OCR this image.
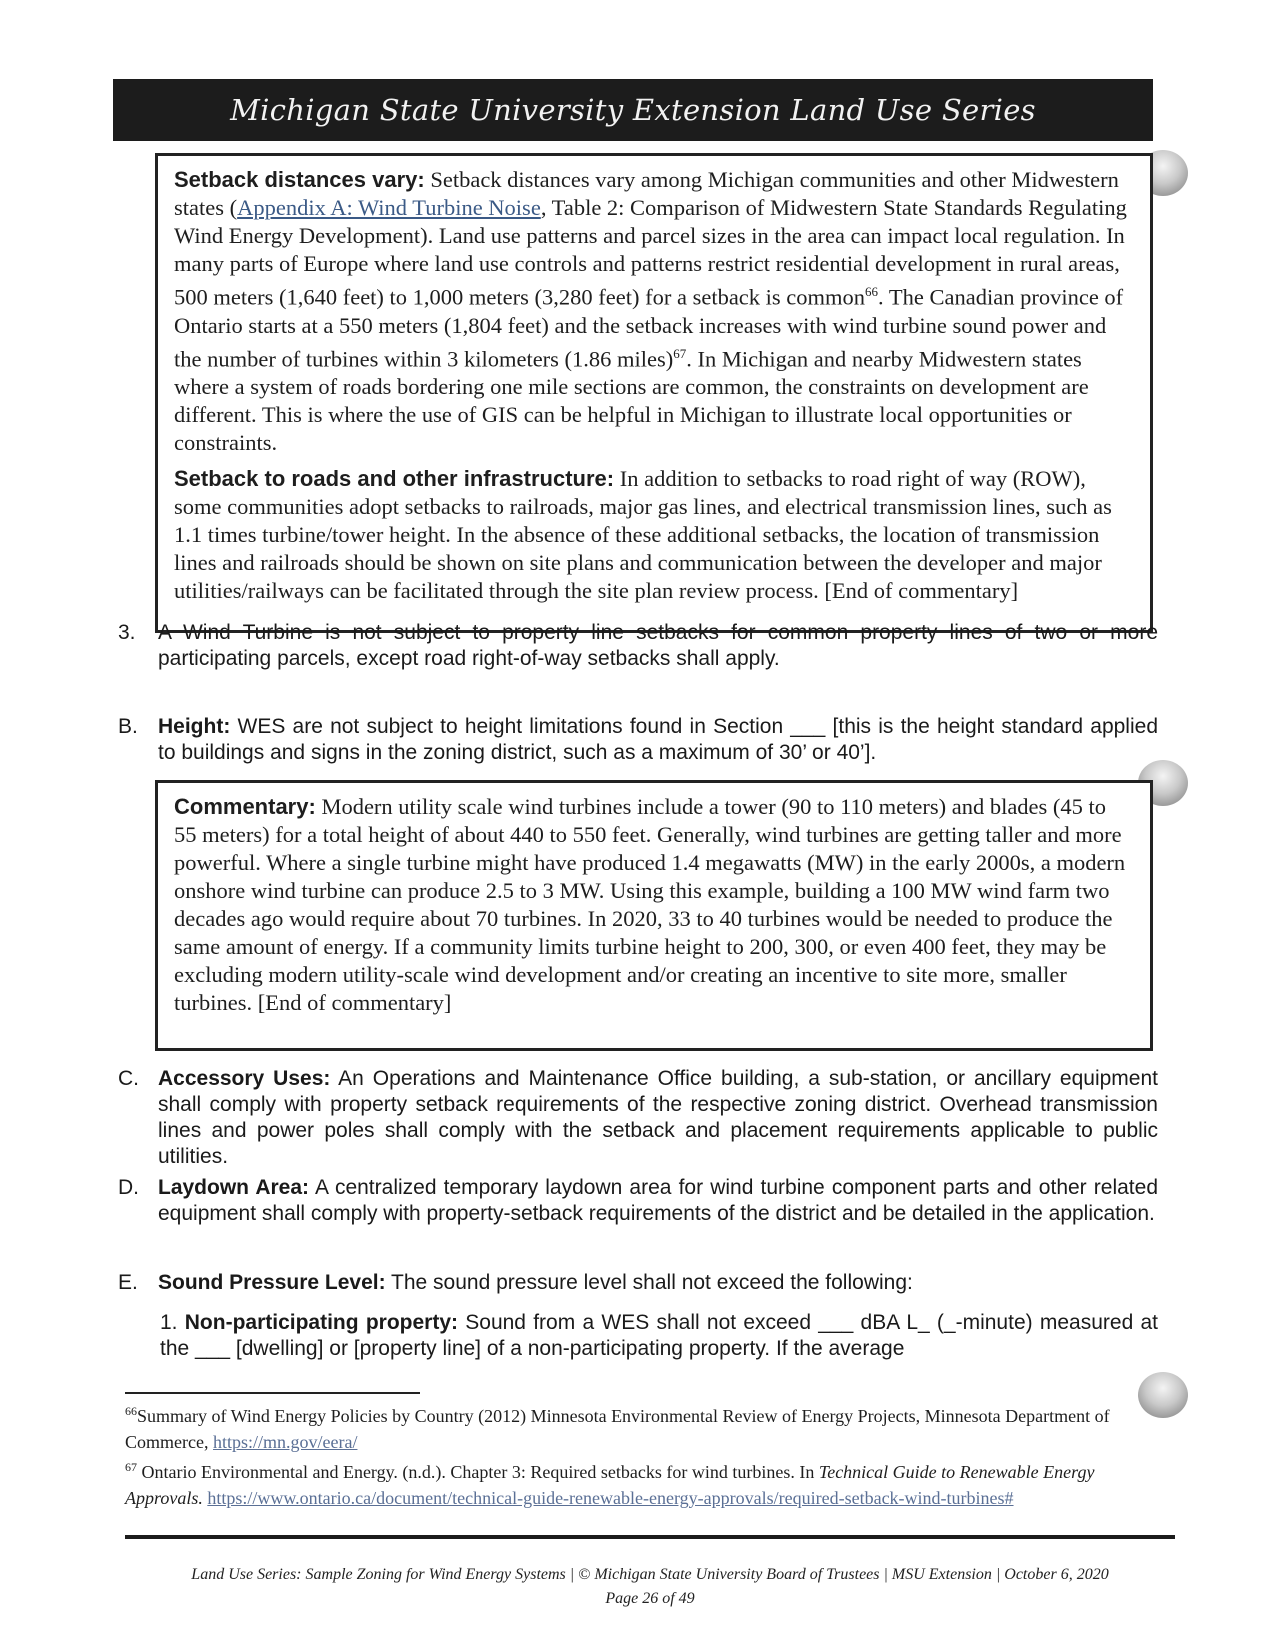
Michigan State University Extension Land Use Series

Setback distances vary: Setback distances vary among Michigan communities and other Midwestern states (Appendix A: Wind Turbine Noise, Table 2: Comparison of Midwestern State Standards Regulating Wind Energy Development). Land use patterns and parcel sizes in the area can impact local regulation. In many parts of Europe where land use controls and patterns restrict residential development in rural areas, 500 meters (1,640 feet) to 1,000 meters (3,280 feet) for a setback is common$^{66}$. The Canadian province of Ontario starts at a 550 meters (1,804 feet) and the setback increases with wind turbine sound power and the number of turbines within 3 kilometers (1.86 miles)$^{67}$. In Michigan and nearby Midwestern states where a system of roads bordering one mile sections are common, the constraints on development are different. This is where the use of GIS can be helpful in Michigan to illustrate local opportunities or constraints.

Setback to roads and other infrastructure: In addition to setbacks to road right of way (ROW), some communities adopt setbacks to railroads, major gas lines, and electrical transmission lines, such as 1.1 times turbine/tower height. In the absence of these additional setbacks, the location of transmission lines and railroads should be shown on site plans and communication between the developer and major utilities/railways can be facilitated through the site plan review process. [End of commentary]

3. A Wind Turbine is not subject to property line setbacks for common property lines of two or more participating parcels, except road right-of-way setbacks shall apply.
B. Height: WES are not subject to height limitations found in Section ___ [this is the height standard applied to buildings and signs in the zoning district, such as a maximum of 30’ or 40’].

Commentary: Modern utility scale wind turbines include a tower (90 to 110 meters) and blades (45 to 55 meters) for a total height of about 440 to 550 feet. Generally, wind turbines are getting taller and more powerful. Where a single turbine might have produced 1.4 megawatts (MW) in the early 2000s, a modern onshore wind turbine can produce 2.5 to 3 MW. Using this example, building a 100 MW wind farm two decades ago would require about 70 turbines. In 2020, 33 to 40 turbines would be needed to produce the same amount of energy. If a community limits turbine height to 200, 300, or even 400 feet, they may be excluding modern utility-scale wind development and/or creating an incentive to site more, smaller turbines. [End of commentary]

C. Accessory Uses: An Operations and Maintenance Office building, a sub-station, or ancillary equipment shall comply with property setback requirements of the respective zoning district. Overhead transmission lines and power poles shall comply with the setback and placement requirements applicable to public utilities.
D. Laydown Area: A centralized temporary laydown area for wind turbine component parts and other related equipment shall comply with property-setback requirements of the district and be detailed in the application.
E. Sound Pressure Level: The sound pressure level shall not exceed the following:
1. Non-participating property: Sound from a WES shall not exceed ___ dBA L_ (_-minute) measured at the ___ [dwelling] or [property line] of a non-participating property. If the average
$^{66}$Summary of Wind Energy Policies by Country (2012) Minnesota Environmental Review of Energy Projects, Minnesota Department of Commerce, https://mn.gov/eera/
$^{67}$ Ontario Environmental and Energy. (n.d.). Chapter 3: Required setbacks for wind turbines. In Technical Guide to Renewable Energy Approvals. https://www.ontario.ca/document/technical-guide-renewable-energy-approvals/required-setback-wind-turbines#
Land Use Series: Sample Zoning for Wind Energy Systems | © Michigan State University Board of Trustees | MSU Extension | October 6, 2020
Page 26 of 49
